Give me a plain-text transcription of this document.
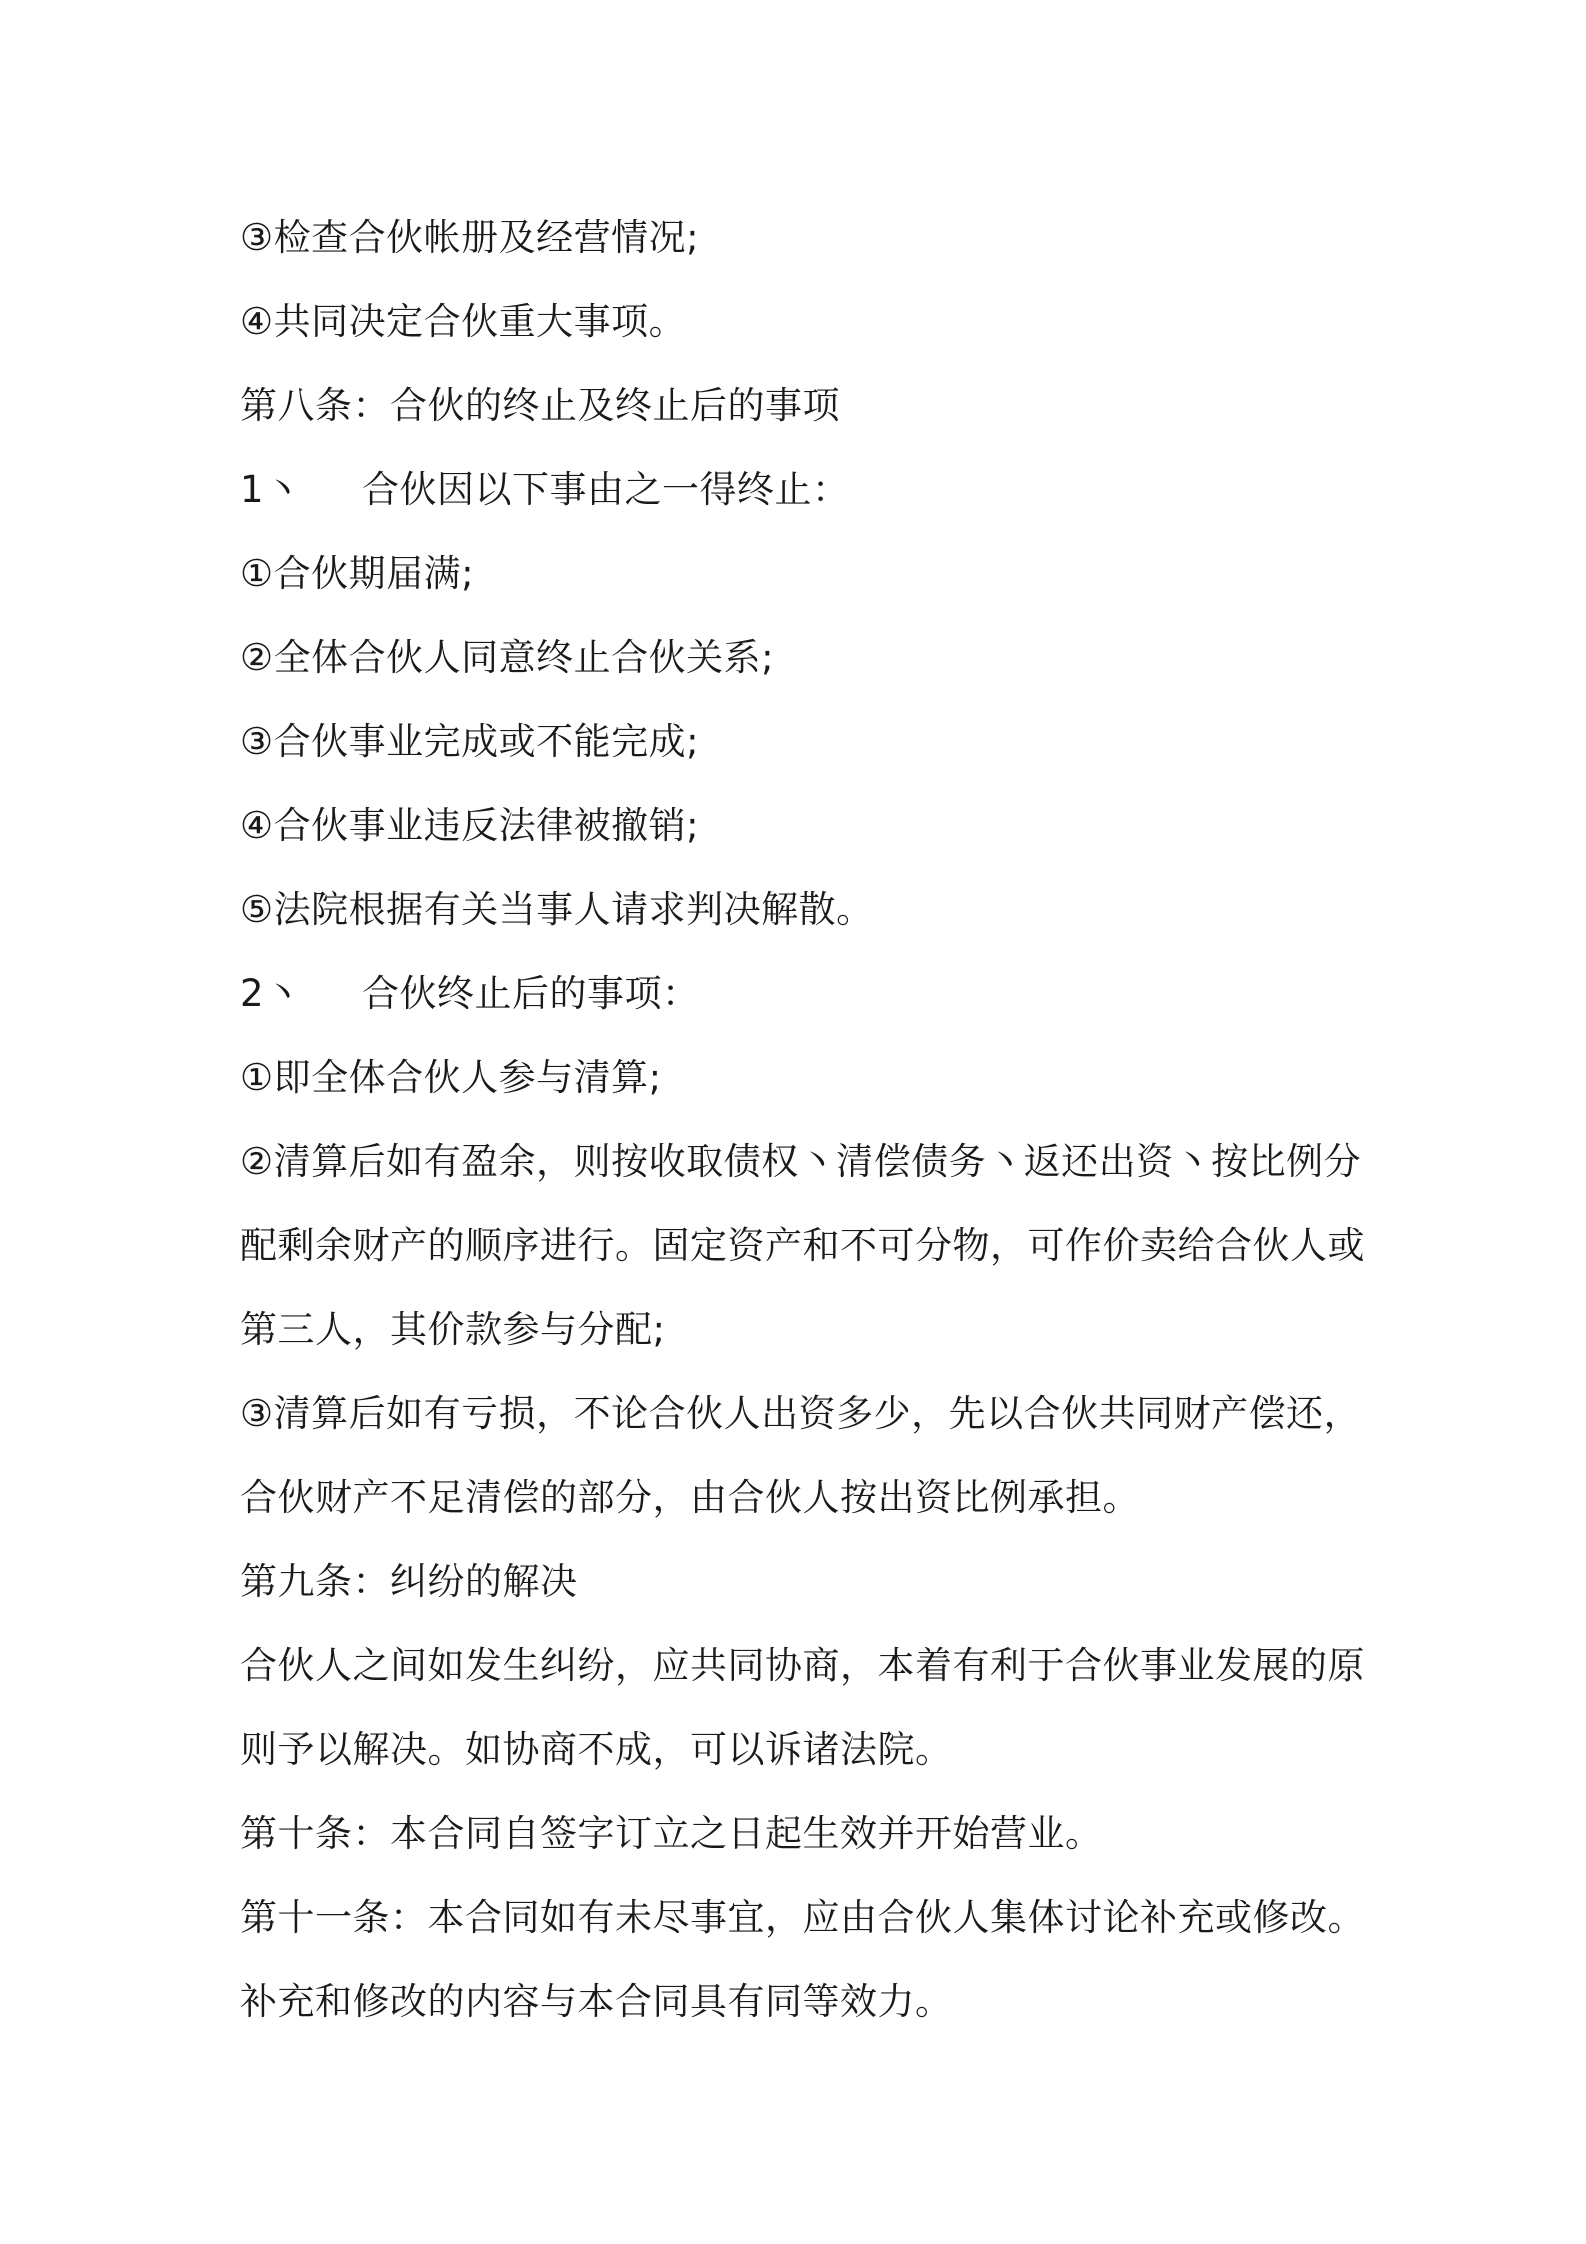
③检查合伙帐册及经营情况;
④共同决定合伙重大事项。
第八条：合伙的终止及终止后的事项
1丶 合伙因以下事由之一得终止：
①合伙期届满;
②全体合伙人同意终止合伙关系;
③合伙事业完成或不能完成;
④合伙事业违反法律被撤销;
⑤法院根据有关当事人请求判决解散。
2丶 合伙终止后的事项：
①即全体合伙人参与清算;
②清算后如有盈余，则按收取债权丶清偿债务丶返还出资丶按比例分
配剩余财产的顺序进行。固定资产和不可分物，可作价卖给合伙人或
第三人，其价款参与分配;
③清算后如有亏损，不论合伙人出资多少，先以合伙共同财产偿还，
合伙财产不足清偿的部分，由合伙人按出资比例承担。
第九条：纠纷的解决
合伙人之间如发生纠纷，应共同协商，本着有利于合伙事业发展的原
则予以解决。如协商不成，可以诉诸法院。
第十条：本合同自签字订立之日起生效并开始营业。
第十一条：本合同如有未尽事宜，应由合伙人集体讨论补充或修改。
补充和修改的内容与本合同具有同等效力。
